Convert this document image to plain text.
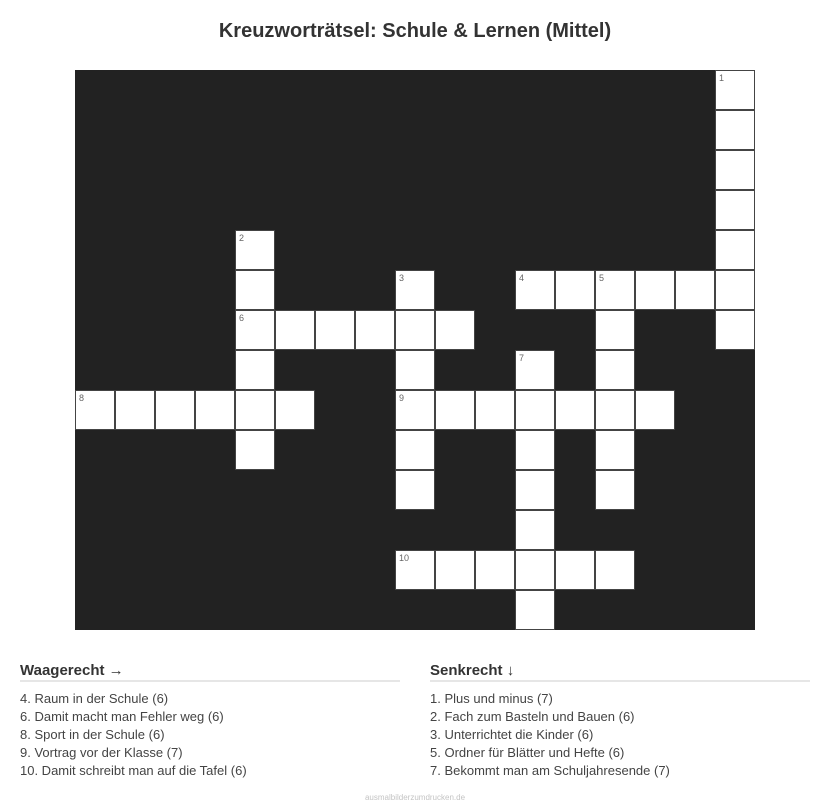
Kreuzworträtsel: Schule & Lernen (Mittel)
1
2
6
3
9
4	5
7
8
10
Waagerecht →
4. Raum in der Schule (6)
6. Damit macht man Fehler weg (6)
8. Sport in der Schule (6)
9. Vortrag vor der Klasse (7)
10. Damit schreibt man auf die Tafel (6)
Senkrecht ↓
1. Plus und minus (7)
2. Fach zum Basteln und Bauen (6)
3. Unterrichtet die Kinder (6)
5. Ordner für Blätter und Hefte (6)
7. Bekommt man am Schuljahresende (7)
ausmalbilderzumdrucken.de
